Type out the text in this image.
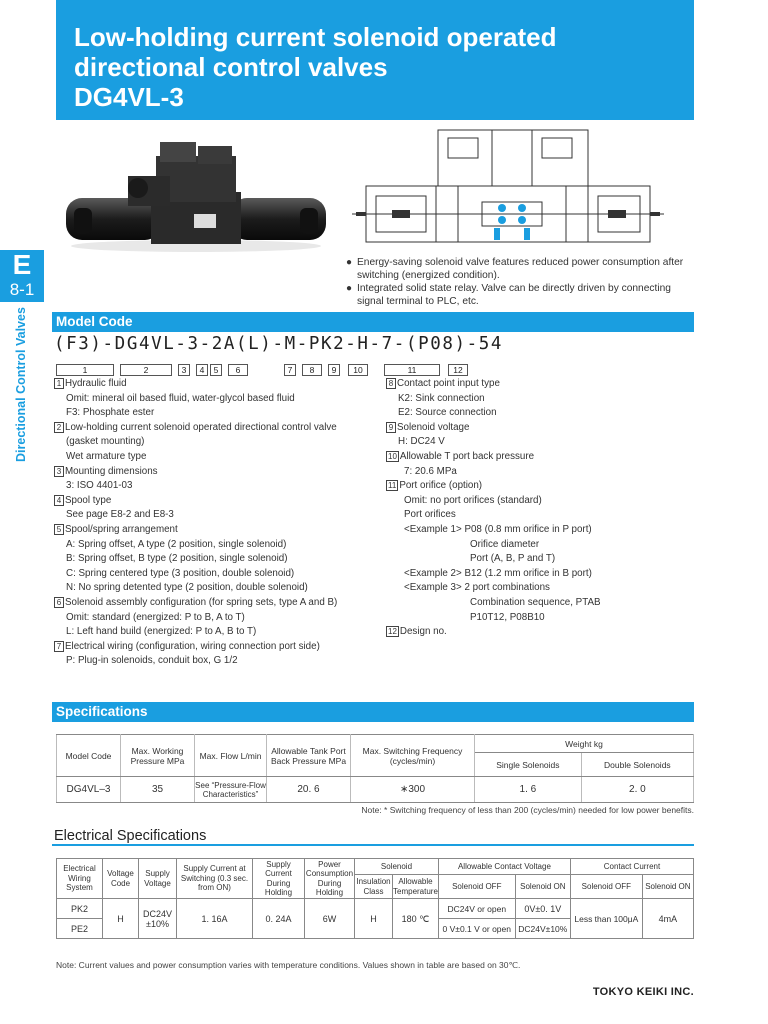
Low-holding current solenoid operated
directional control valves
DG4VL-3
E
8-1
Directional Control Valves
● Energy-saving solenoid valve features reduced power consumption after switching (energized condition).
● Integrated solid state relay. Valve can be directly driven by connecting signal terminal to PLC, etc.
Model Code
(F3)-DG4VL-3-2A(L)-M-PK2-H-7-(P08)-54
1	2	3	4	5	6	7	8	9	10	11	12
1 Hydraulic fluid
Omit: mineral oil based fluid, water-glycol based fluid
F3: Phosphate ester
2 Low-holding current solenoid operated directional control valve
(gasket mounting)
Wet armature type
3 Mounting dimensions
3: ISO 4401-03
4 Spool type
See page E8-2 and E8-3
5 Spool/spring arrangement
A: Spring offset, A type (2 position, single solenoid)
B: Spring offset, B type (2 position, single solenoid)
C: Spring centered type (3 position, double solenoid)
N: No spring detented type (2 position, double solenoid)
6 Solenoid assembly configuration (for spring sets, type A and B)
Omit: standard (energized: P to B, A to T)
L: Left hand build (energized: P to A, B to T)
7 Electrical wiring (configuration, wiring connection port side)
P: Plug-in solenoids, conduit box, G 1/2
8 Contact point input type
K2: Sink connection
E2: Source connection
9 Solenoid voltage
H: DC24 V
10 Allowable T port back pressure
7: 20.6 MPa
11 Port orifice (option)
Omit: no port orifices (standard)
Port orifices
<Example 1> P08 (0.8 mm orifice in P port)
Orifice diameter
Port (A, B, P and T)
<Example 2> B12 (1.2 mm orifice in B port)
<Example 3> 2 port combinations
Combination sequence, PTAB
P10T12, P08B10
12 Design no.
Specifications
Model Code	Max. Working Pressure MPa	Max. Flow L/min	Allowable Tank Port Back Pressure MPa	Max. Switching Frequency (cycles/min)	Weight kg	
					Single Solenoids	Double Solenoids
DG4VL–3	35	See “Pressure-Flow Characteristics”	20. 6	∗300	1. 6	2. 0
Note: * Switching frequency of less than 200 (cycles/min) needed for low power benefits.
Electrical Specifications
Electrical Wiring System	Voltage Code	Supply Voltage	Supply Current at Switching (0.3 sec. from ON)	Supply Current During Holding	Power Consumption During Holding	Solenoid		Allowable Contact Voltage		Contact Current	
						Insulation Class	Allowable Temperature	Solenoid OFF	Solenoid ON	Solenoid OFF	Solenoid ON
PK2	H	DC24V ±10%	1. 16A	0. 24A	6W	H	180 ℃	DC24V or open	0V±0. 1V	Less than 100μA	4mA
PE2								0 V±0.1 V or open	DC24V±10%		
Note: Current values and power consumption varies with temperature conditions. Values shown in table are based on 30℃.
TOKYO KEIKI INC.
